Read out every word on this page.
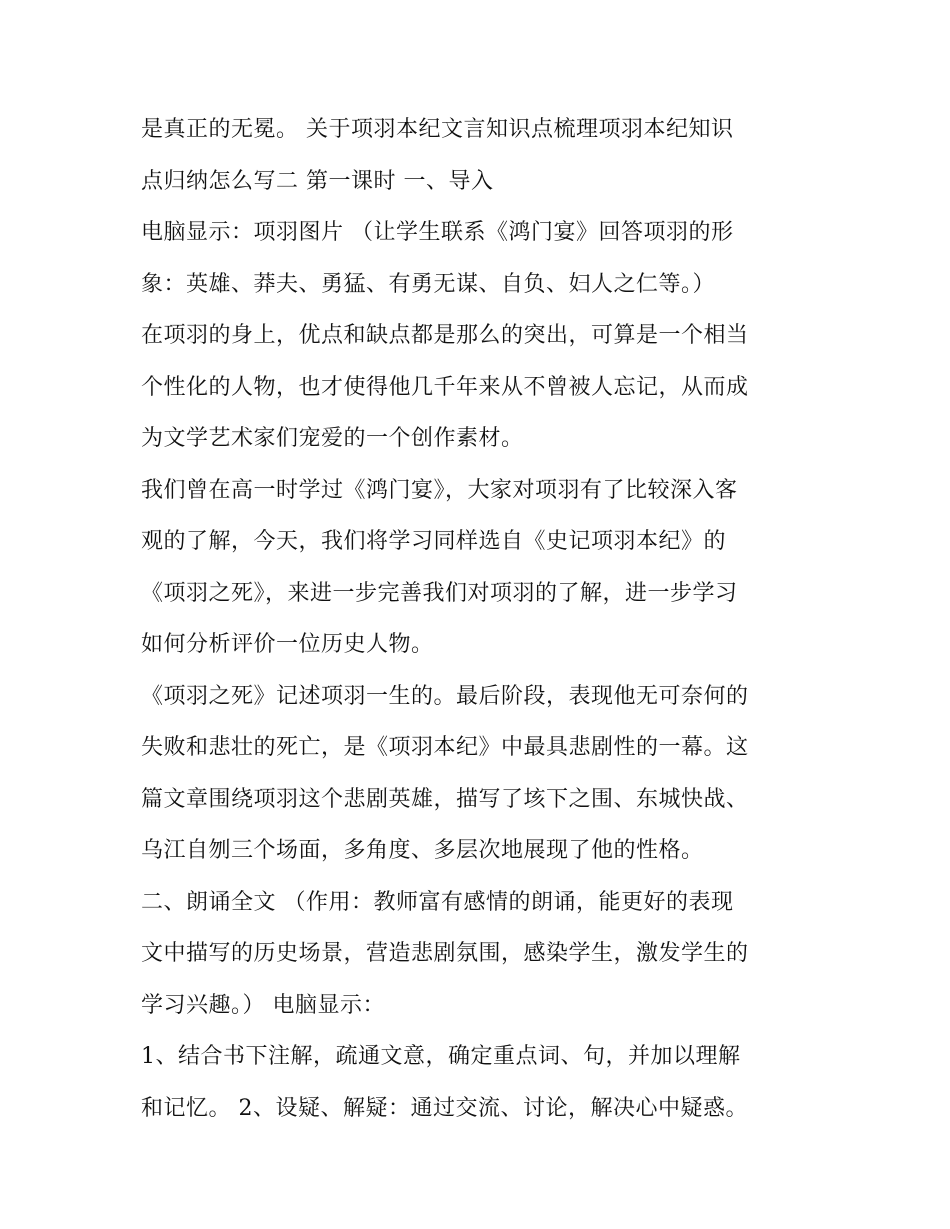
是真正的无冕。 关于项羽本纪文言知识点梳理项羽本纪知识
点归纳怎么写二 第一课时 一、导入
电脑显示：项羽图片 （让学生联系《鸿门宴》回答项羽的形
象：英雄、莽夫、勇猛、有勇无谋、自负、妇人之仁等。）
在项羽的身上，优点和缺点都是那么的突出，可算是一个相当
个性化的人物，也才使得他几千年来从不曾被人忘记，从而成
为文学艺术家们宠爱的一个创作素材。
我们曾在高一时学过《鸿门宴》，大家对项羽有了比较深入客
观的了解，今天，我们将学习同样选自《史记项羽本纪》的
《项羽之死》，来进一步完善我们对项羽的了解，进一步学习
如何分析评价一位历史人物。
《项羽之死》记述项羽一生的。最后阶段，表现他无可奈何的
失败和悲壮的死亡，是《项羽本纪》中最具悲剧性的一幕。这
篇文章围绕项羽这个悲剧英雄，描写了垓下之围、东城快战、
乌江自刎三个场面，多角度、多层次地展现了他的性格。
二、朗诵全文 （作用：教师富有感情的朗诵，能更好的表现
文中描写的历史场景，营造悲剧氛围，感染学生，激发学生的
学习兴趣。） 电脑显示：
1、结合书下注解，疏通文意，确定重点词、句，并加以理解
和记忆。 2、设疑、解疑：通过交流、讨论，解决心中疑惑。
